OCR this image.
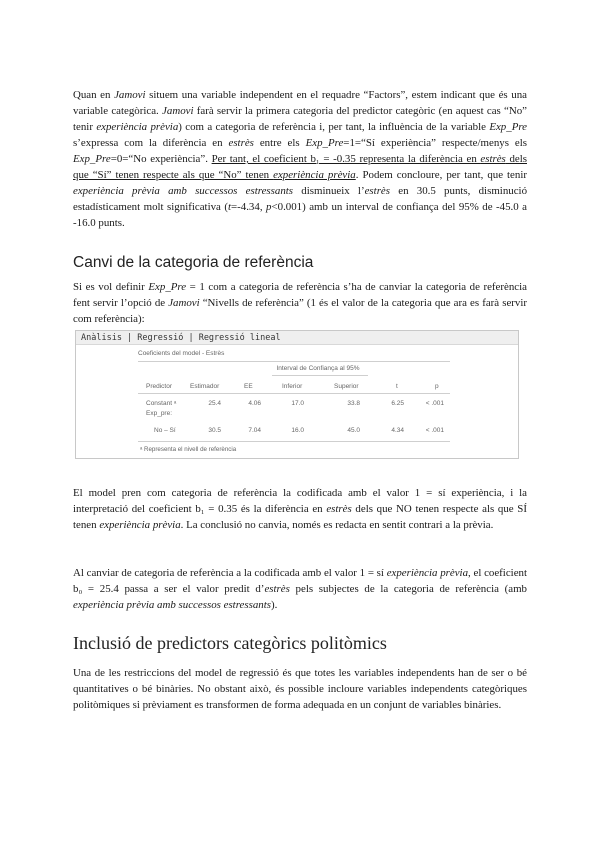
Quan en Jamovi situem una variable independent en el requadre “Factors”, estem indicant que és una variable categòrica. Jamovi farà servir la primera categoria del predictor categòric (en aquest cas “No” tenir experiència prèvia) com a categoria de referència i, per tant, la influència de la variable Exp_Pre s’expressa com la diferència en estrès entre els Exp_Pre=1=“Sí experiència” respecte/menys els Exp_Pre=0=“No experiència”. Per tant, el coeficient b₁ = -0.35 representa la diferència en estrès dels que “Sí” tenen respecte als que “No” tenen experiència prèvia. Podem concloure, per tant, que tenir experiència prèvia amb successos estressants disminueix l’estrès en 30.5 punts, disminució estadísticament molt significativa (t=-4.34, p<0.001) amb un interval de confiança del 95% de -45.0 a -16.0 punts.

Canvi de la categoria de referència

Si es vol definir Exp_Pre = 1 com a categoria de referència s’ha de canviar la categoria de referència fent servir l’opció de Jamovi “Nivells de referència” (1 és el valor de la categoria que ara es farà servir com referència):

Anàlisis | Regressió | Regressió lineal
Coeficients del model - Estrès
Interval de Confiança al 95%
Predictor	Estimador	EE	Inferior	Superior	t	p
Constant ᵃ	25.4	4.06	17.0	33.8	6.25	< .001
Exp_pre:
No – Sí	30.5	7.04	16.0	45.0	4.34	< .001
ᵃ Representa el nivell de referència

El model pren com categoria de referència la codificada amb el valor 1 = sí experiència, i la interpretació del coeficient b₁ = 0.35 és la diferència en estrès dels que NO tenen respecte als que SÍ tenen experiència prèvia. La conclusió no canvia, només es redacta en sentit contrari a la prèvia.

Al canviar de categoria de referència a la codificada amb el valor 1 = sí experiència prèvia, el coeficient b₀ = 25.4 passa a ser el valor predit d’estrès pels subjectes de la categoria de referència (amb experiència prèvia amb successos estressants).

Inclusió de predictors categòrics politòmics

Una de les restriccions del model de regressió és que totes les variables independents han de ser o bé quantitatives o bé binàries. No obstant això, és possible incloure variables independents categòriques politòmiques si prèviament es transformen de forma adequada en un conjunt de variables binàries.
